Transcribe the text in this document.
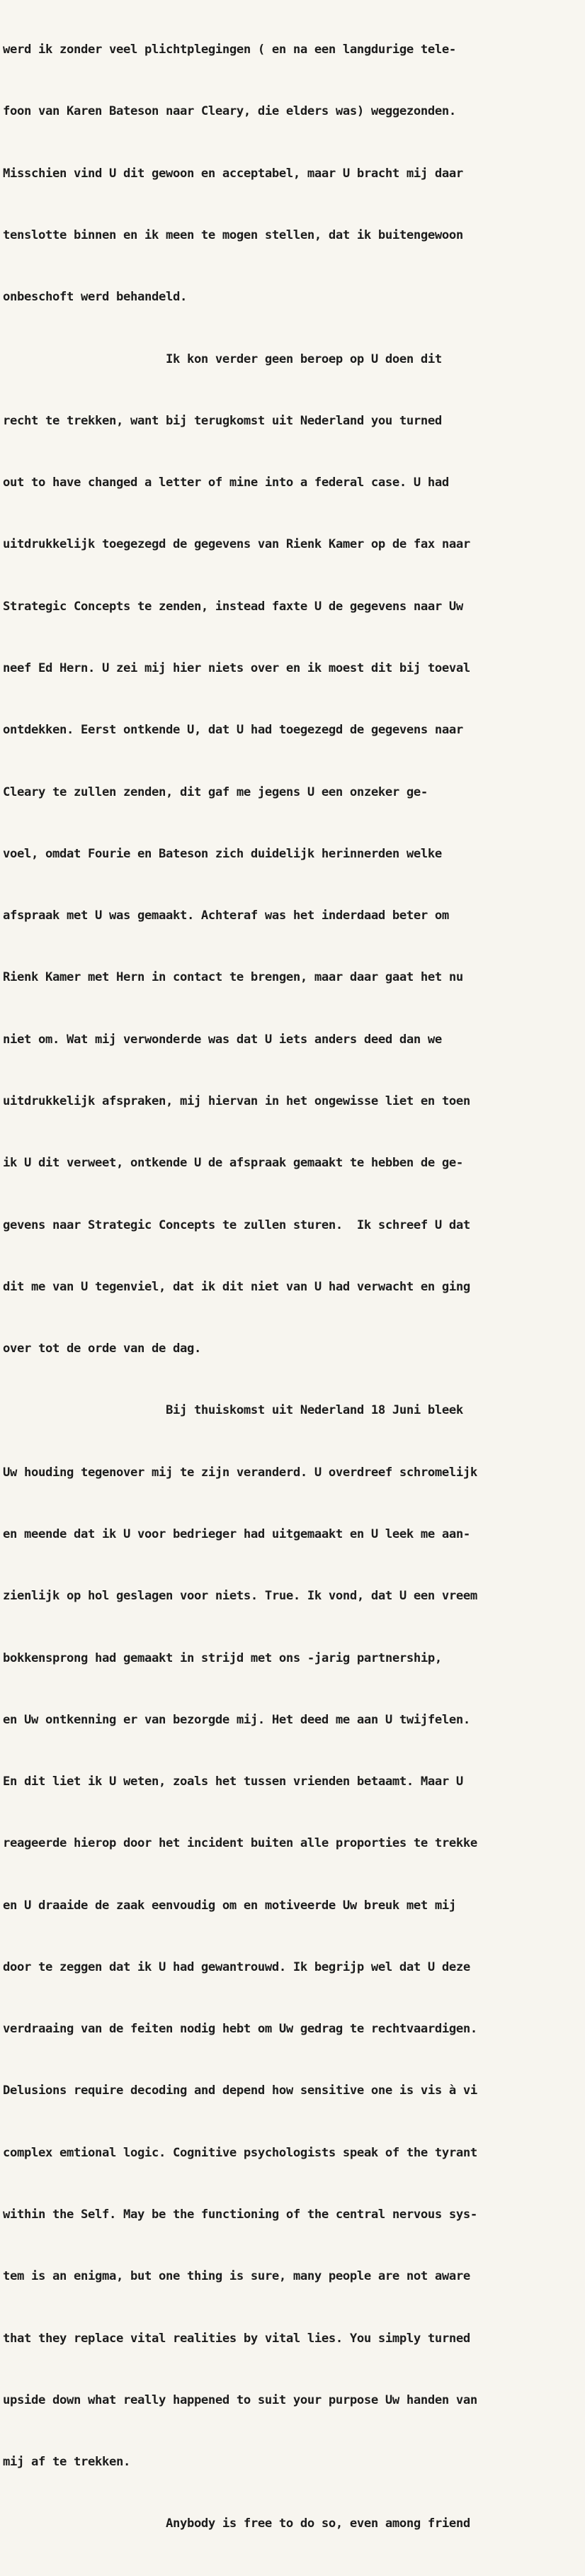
werd ik zonder veel plichtplegingen ( en na een langdurige tele-

foon van Karen Bateson naar Cleary, die elders was) weggezonden.

Misschien vind U dit gewoon en acceptabel, maar U bracht mij daar

tenslotte binnen en ik meen te mogen stellen, dat ik buitengewoon

onbeschoft werd behandeld.

Ik kon verder geen beroep op U doen dit

recht te trekken, want bij terugkomst uit Nederland you turned

out to have changed a letter of mine into a federal case. U had

uitdrukkelijk toegezegd de gegevens van Rienk Kamer op de fax naar

Strategic Concepts te zenden, instead faxte U de gegevens naar Uw

neef Ed Hern. U zei mij hier niets over en ik moest dit bij toeval

ontdekken. Eerst ontkende U, dat U had toegezegd de gegevens naar

Cleary te zullen zenden, dit gaf me jegens U een onzeker ge-

voel, omdat Fourie en Bateson zich duidelijk herinnerden welke

afspraak met U was gemaakt. Achteraf was het inderdaad beter om

Rienk Kamer met Hern in contact te brengen, maar daar gaat het nu

niet om. Wat mij verwonderde was dat U iets anders deed dan we

uitdrukkelijk afspraken, mij hiervan in het ongewisse liet en toen

ik U dit verweet, ontkende U de afspraak gemaakt te hebben de ge-

gevens naar Strategic Concepts te zullen sturen.  Ik schreef U dat

dit me van U tegenviel, dat ik dit niet van U had verwacht en ging

over tot de orde van de dag.

Bij thuiskomst uit Nederland 18 Juni bleek

Uw houding tegenover mij te zijn veranderd. U overdreef schromelijk

en meende dat ik U voor bedrieger had uitgemaakt en U leek me aan-

zienlijk op hol geslagen voor niets. True. Ik vond, dat U een vreem

bokkensprong had gemaakt in strijd met ons -jarig partnership,

en Uw ontkenning er van bezorgde mij. Het deed me aan U twijfelen.

En dit liet ik U weten, zoals het tussen vrienden betaamt. Maar U

reageerde hierop door het incident buiten alle proporties te trekke

en U draaide de zaak eenvoudig om en motiveerde Uw breuk met mij

door te zeggen dat ik U had gewantrouwd. Ik begrijp wel dat U deze

verdraaing van de feiten nodig hebt om Uw gedrag te rechtvaardigen.

Delusions require decoding and depend how sensitive one is vis à vi

complex emtional logic. Cognitive psychologists speak of the tyrant

within the Self. May be the functioning of the central nervous sys-

tem is an enigma, but one thing is sure, many people are not aware

that they replace vital realities by vital lies. You simply turned

upside down what really happened to suit your purpose Uw handen van

mij af te trekken.

Anybody is free to do so, even among friend
